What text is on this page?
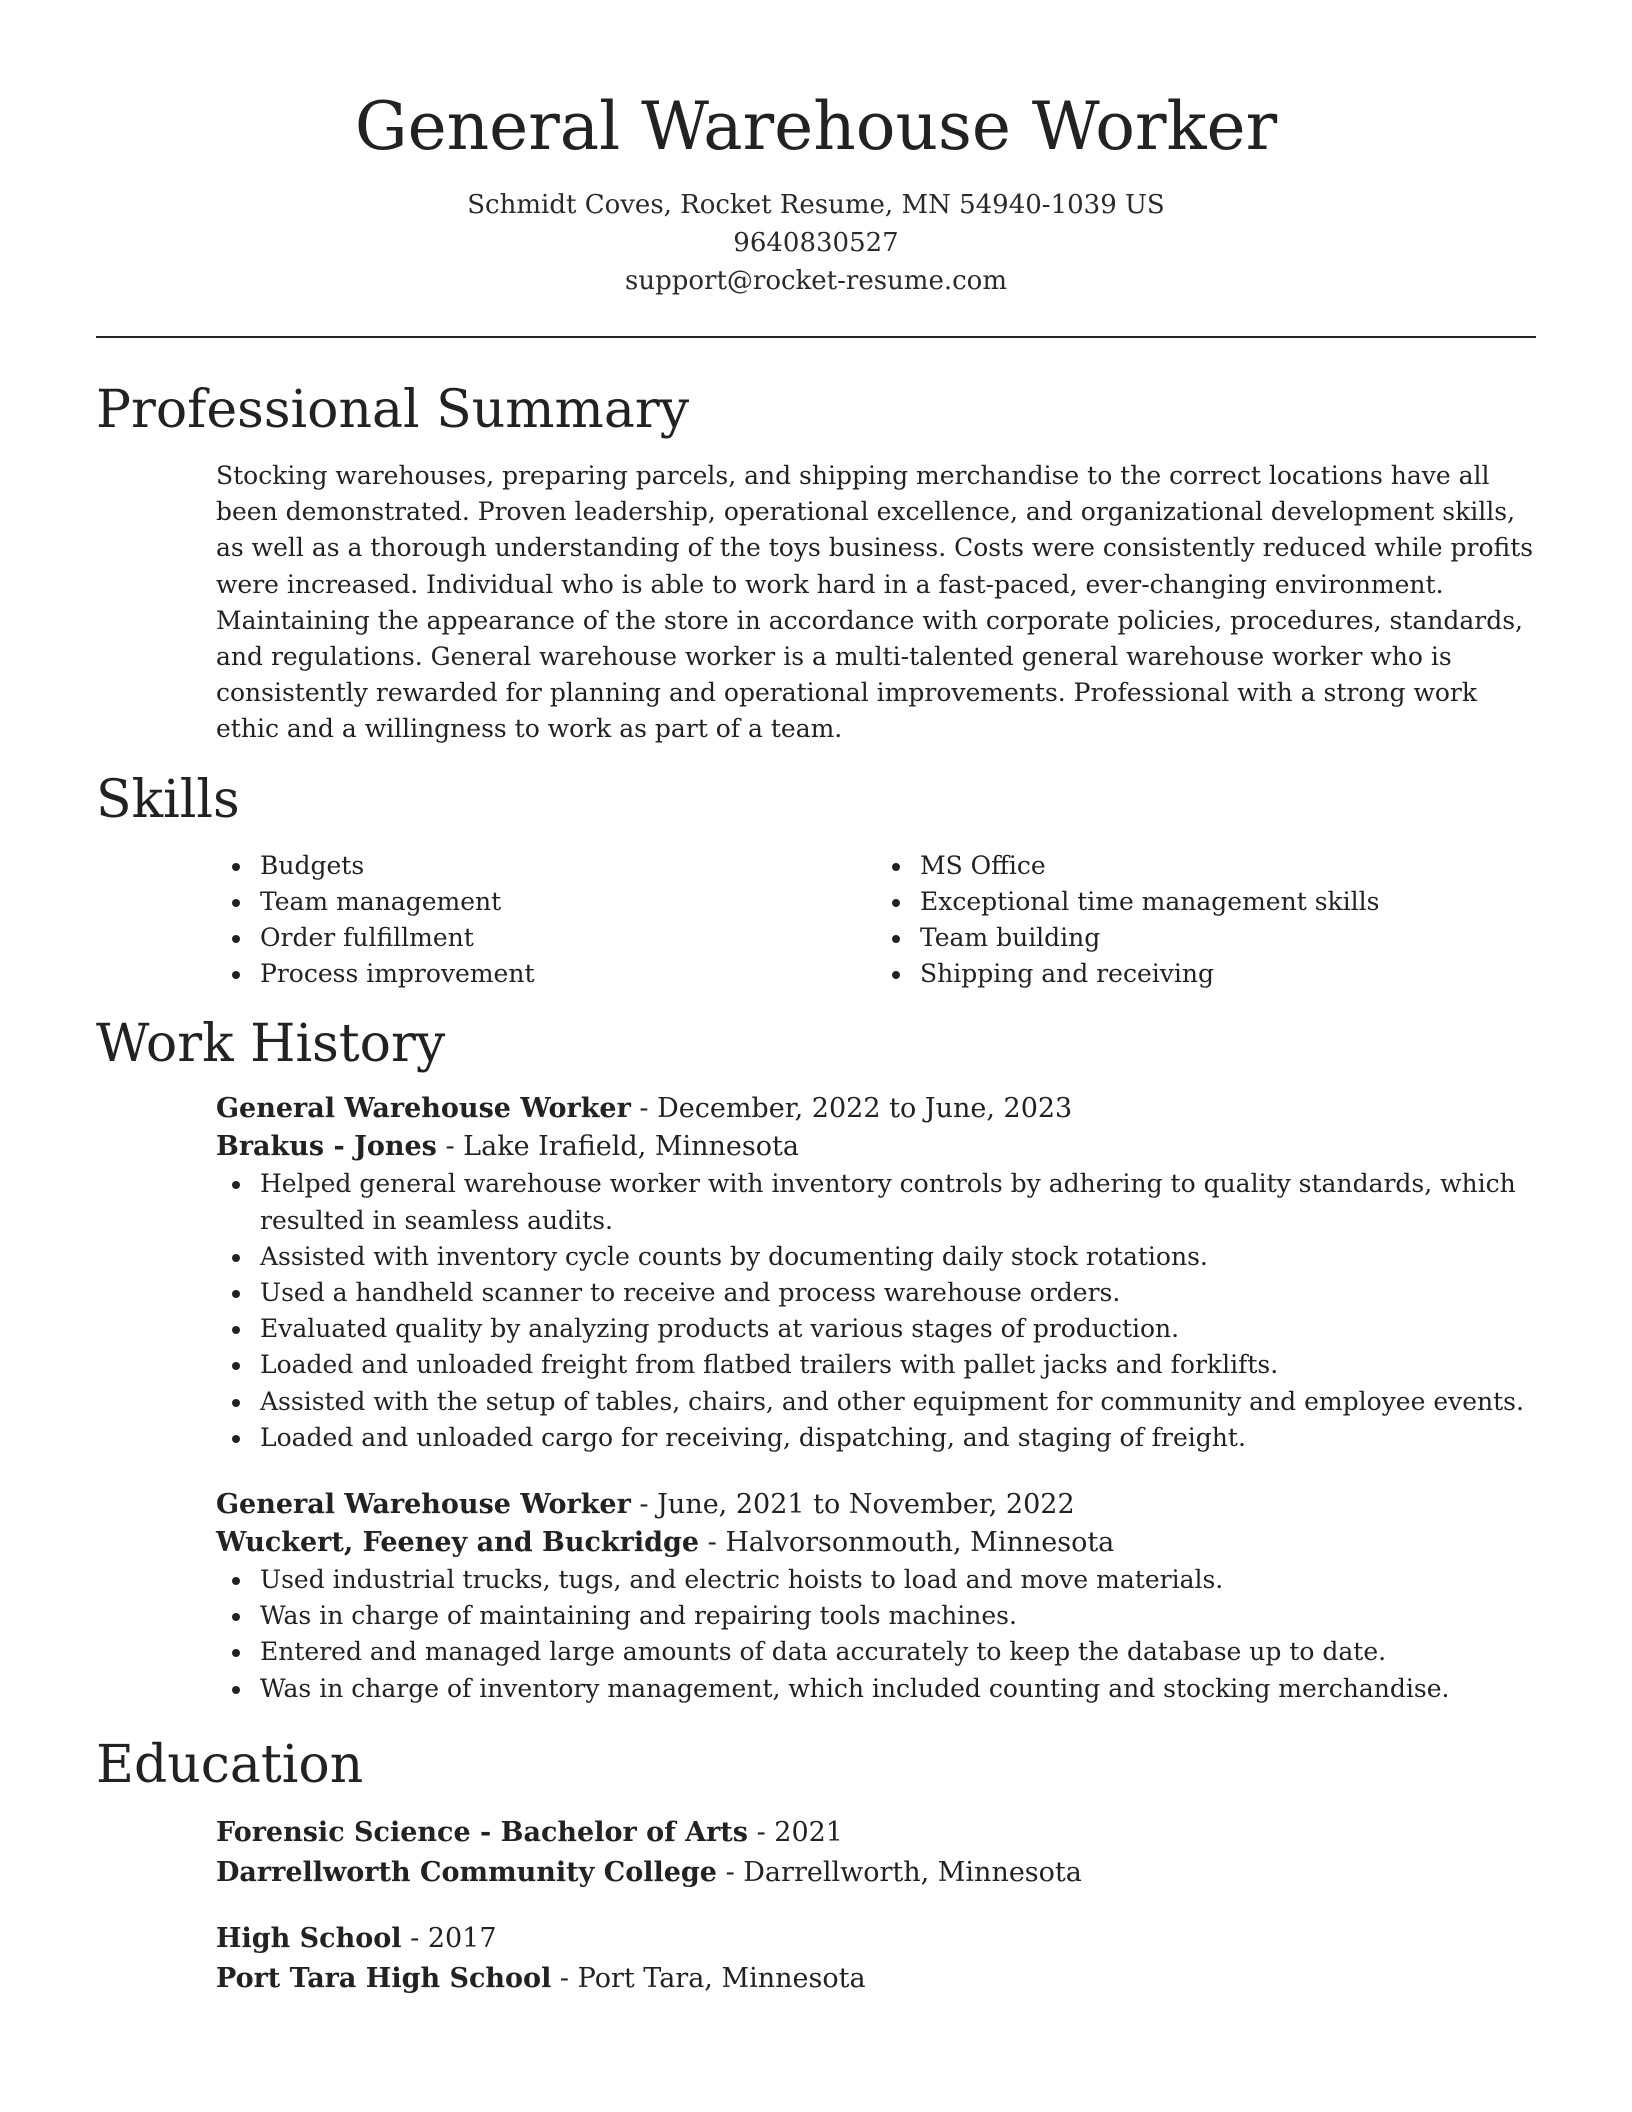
General Warehouse Worker
Schmidt Coves, Rocket Resume, MN 54940-1039 US
9640830527
support@rocket-resume.com
Professional Summary

Stocking warehouses, preparing parcels, and shipping merchandise to the correct locations have all been demonstrated. Proven leadership, operational excellence, and organizational development skills, as well as a thorough understanding of the toys business. Costs were consistently reduced while profits were increased. Individual who is able to work hard in a fast-paced, ever-changing environment. Maintaining the appearance of the store in accordance with corporate policies, procedures, standards, and regulations. General warehouse worker is a multi-talented general warehouse worker who is consistently rewarded for planning and operational improvements. Professional with a strong work ethic and a willingness to work as part of a team.

Skills
Budgets
Team management
Order fulfillment
Process improvement
MS Office
Exceptional time management skills
Team building
Shipping and receiving
Work History
General Warehouse Worker - December, 2022 to June, 2023
Brakus - Jones - Lake Irafield, Minnesota
Helped general warehouse worker with inventory controls by adhering to quality standards, which resulted in seamless audits.
Assisted with inventory cycle counts by documenting daily stock rotations.
Used a handheld scanner to receive and process warehouse orders.
Evaluated quality by analyzing products at various stages of production.
Loaded and unloaded freight from flatbed trailers with pallet jacks and forklifts.
Assisted with the setup of tables, chairs, and other equipment for community and employee events.
Loaded and unloaded cargo for receiving, dispatching, and staging of freight.
General Warehouse Worker - June, 2021 to November, 2022
Wuckert, Feeney and Buckridge - Halvorsonmouth, Minnesota
Used industrial trucks, tugs, and electric hoists to load and move materials.
Was in charge of maintaining and repairing tools machines.
Entered and managed large amounts of data accurately to keep the database up to date.
Was in charge of inventory management, which included counting and stocking merchandise.
Education
Forensic Science - Bachelor of Arts - 2021
Darrellworth Community College - Darrellworth, Minnesota
High School - 2017
Port Tara High School - Port Tara, Minnesota
